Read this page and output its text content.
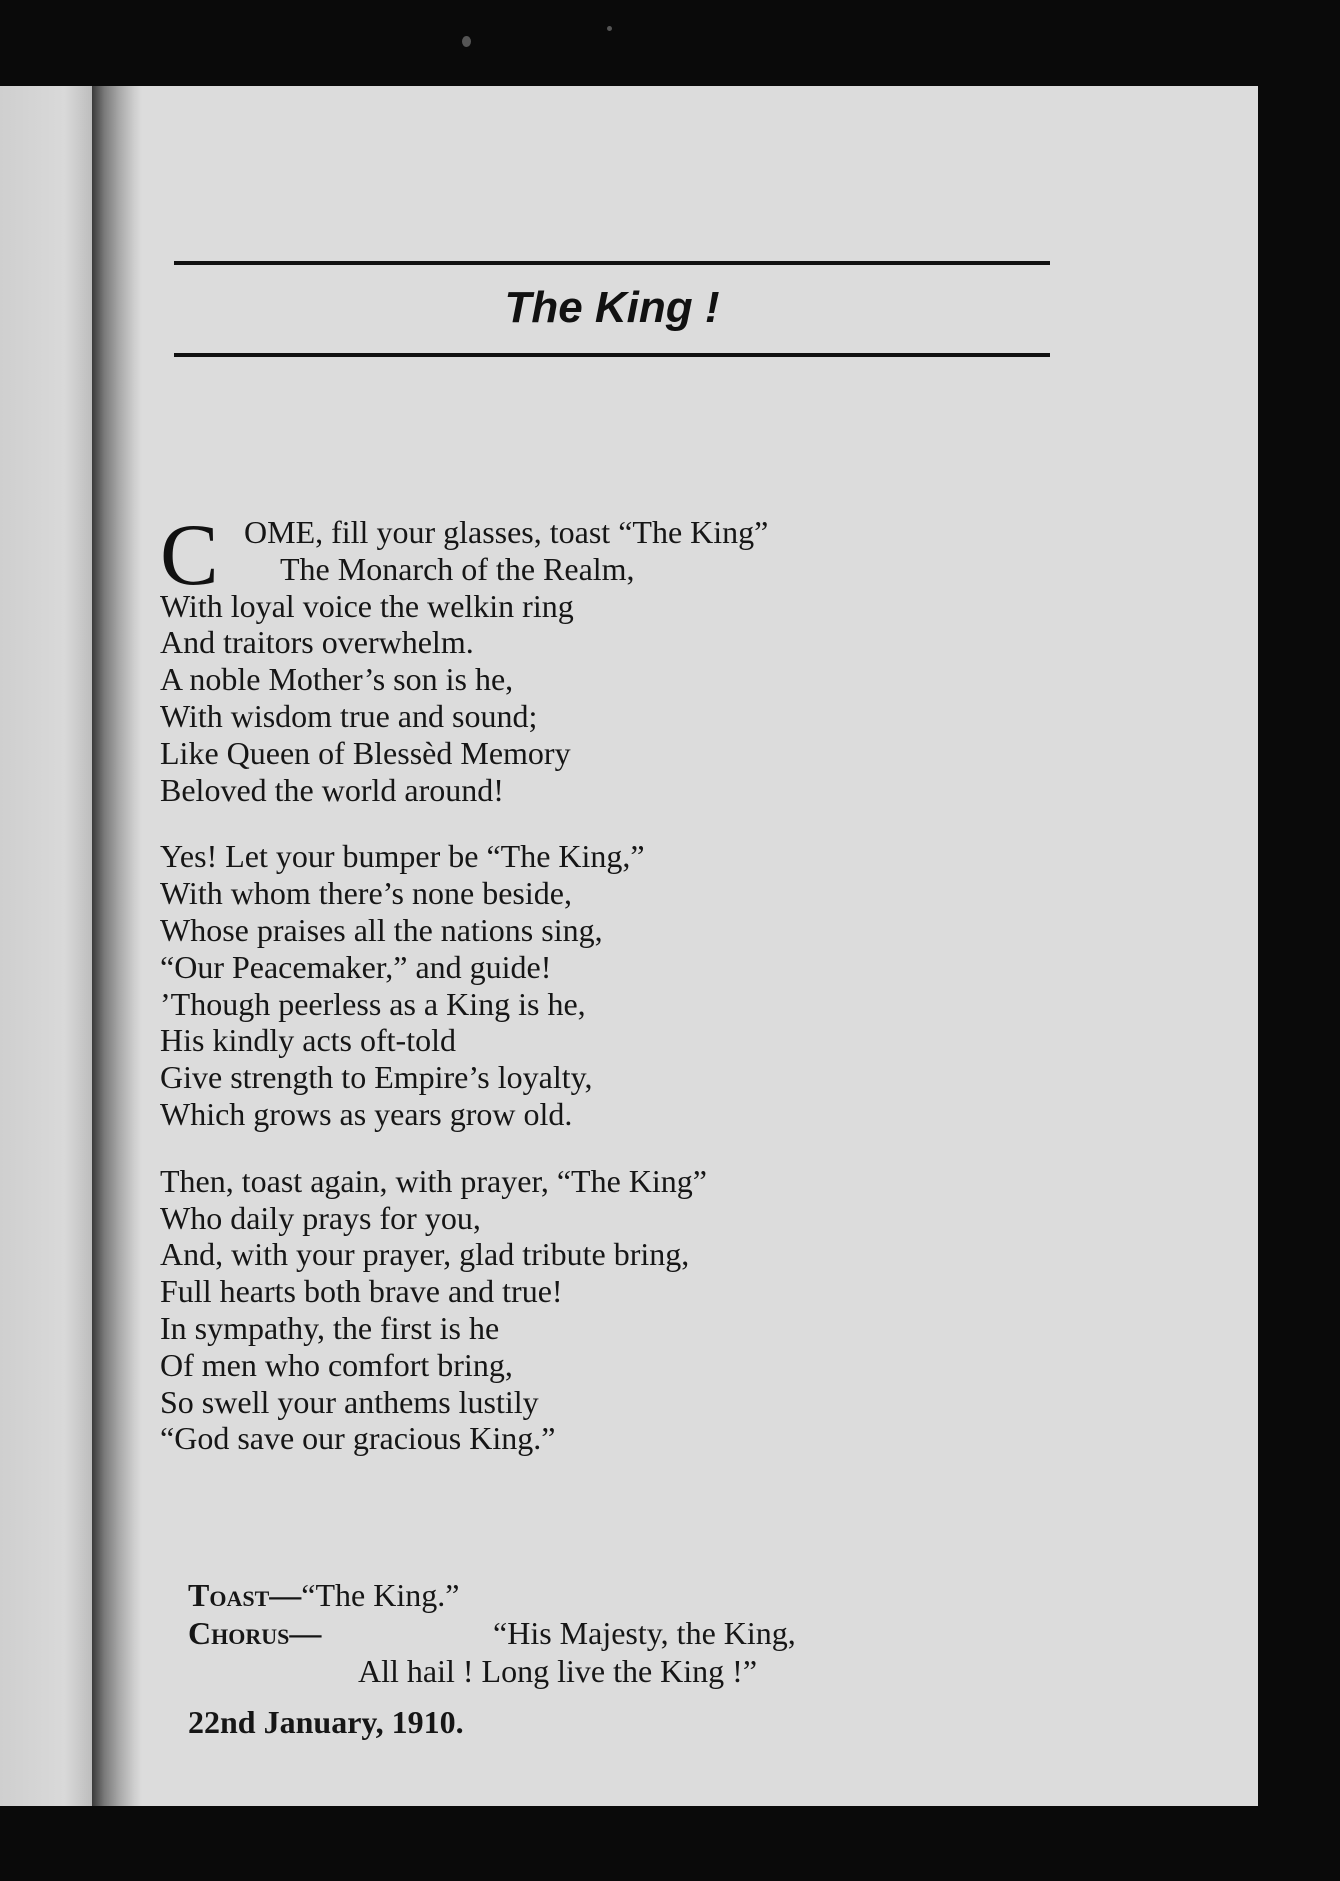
The King !
C OME, fill your glasses, toast “The King”
The Monarch of the Realm,
With loyal voice the welkin ring
And traitors overwhelm.
A noble Mother’s son is he,
With wisdom true and sound;
Like Queen of Blessèd Memory
Beloved the world around!
Yes! Let your bumper be “The King,”
With whom there’s none beside,
Whose praises all the nations sing,
“Our Peacemaker,” and guide!
’Though peerless as a King is he,
His kindly acts oft-told
Give strength to Empire’s loyalty,
Which grows as years grow old.
Then, toast again, with prayer, “The King”
Who daily prays for you,
And, with your prayer, glad tribute bring,
Full hearts both brave and true!
In sympathy, the first is he
Of men who comfort bring,
So swell your anthems lustily
“God save our gracious King.”
Toast—“The King.”
Chorus—	“His Majesty, the King,
All hail ! Long live the King !”
22nd January, 1910.
